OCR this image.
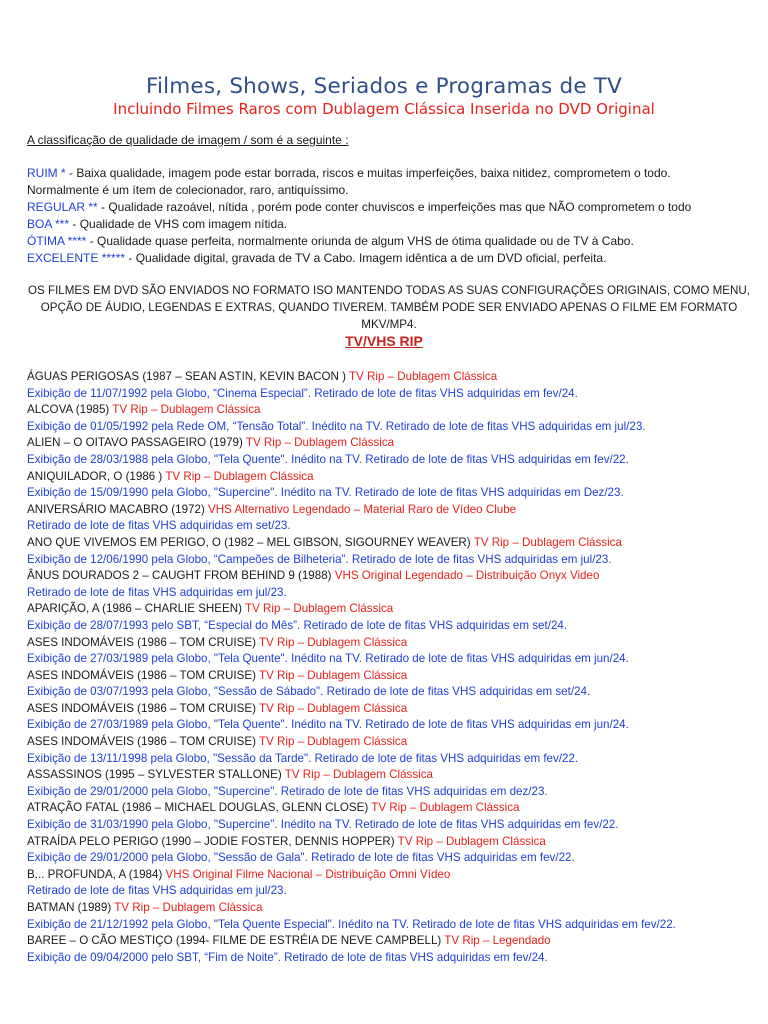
Filmes, Shows, Seriados e Programas de TV
Incluindo Filmes Raros com Dublagem Clássica Inserida no DVD Original
A classificação de qualidade de imagem / som é a seguinte :
RUIM * - Baixa qualidade, imagem pode estar borrada, riscos e muitas imperfeições, baixa nitidez, comprometem o todo.
Normalmente é um ítem de colecionador, raro, antiquíssimo.
REGULAR ** - Qualidade razoável, nítida , porém pode conter chuviscos e imperfeições mas que NÃO comprometem o todo
BOA *** - Qualidade de VHS com imagem nítida.
ÓTIMA **** - Qualidade quase perfeita, normalmente oriunda de algum VHS de ótima qualidade ou de TV à Cabo.
EXCELENTE ***** - Qualidade digital, gravada de TV a Cabo. Imagem idêntica a de um DVD oficial, perfeita.
OS FILMES EM DVD SÃO ENVIADOS NO FORMATO ISO MANTENDO TODAS AS SUAS CONFIGURAÇÕES ORIGINAIS, COMO MENU,
OPÇÃO DE ÁUDIO, LEGENDAS E EXTRAS, QUANDO TIVEREM. TAMBÉM PODE SER ENVIADO APENAS O FILME EM FORMATO MKV/MP4.
TV/VHS RIP
ÁGUAS PERIGOSAS (1987 – SEAN ASTIN, KEVIN BACON ) TV Rip – Dublagem Clássica
Exibição de 11/07/1992 pela Globo, “Cinema Especial”. Retirado de lote de fitas VHS adquiridas em fev/24.
ALCOVA (1985) TV Rip – Dublagem Clássica
Exibição de 01/05/1992 pela Rede OM, “Tensão Total”. Inédito na TV. Retirado de lote de fitas VHS adquiridas em jul/23.
ALIEN – O OITAVO PASSAGEIRO (1979) TV Rip – Dublagem Clássica
Exibição de 28/03/1988 pela Globo, "Tela Quente". Inédito na TV. Retirado de lote de fitas VHS adquiridas em fev/22.
ANIQUILADOR, O (1986 ) TV Rip – Dublagem Clássica
Exibição de 15/09/1990 pela Globo, "Supercine". Inédito na TV. Retirado de lote de fitas VHS adquiridas em Dez/23.
ANIVERSÁRIO MACABRO (1972) VHS Alternativo Legendado – Material Raro de Vídeo Clube
Retirado de lote de fitas VHS adquiridas em set/23.
ANO QUE VIVEMOS EM PERIGO, O (1982 – MEL GIBSON, SIGOURNEY WEAVER) TV Rip – Dublagem Clássica
Exibição de 12/06/1990 pela Globo, “Campeões de Bilheteria”. Retirado de lote de fitas VHS adquiridas em jul/23.
ÂNUS DOURADOS 2 – CAUGHT FROM BEHIND 9 (1988) VHS Original Legendado – Distribuição Onyx Video
Retirado de lote de fitas VHS adquiridas em jul/23.
APARIÇÃO, A (1986 – CHARLIE SHEEN) TV Rip – Dublagem Clássica
Exibição de 28/07/1993 pelo SBT, “Especial do Mês”. Retirado de lote de fitas VHS adquiridas em set/24.
ASES INDOMÁVEIS (1986 – TOM CRUISE) TV Rip – Dublagem Clássica
Exibição de 27/03/1989 pela Globo, "Tela Quente". Inédito na TV. Retirado de lote de fitas VHS adquiridas em jun/24.
ASES INDOMÁVEIS (1986 – TOM CRUISE) TV Rip – Dublagem Clássica
Exibição de 03/07/1993 pela Globo, "Sessão de Sábado". Retirado de lote de fitas VHS adquiridas em set/24.
ASES INDOMÁVEIS (1986 – TOM CRUISE) TV Rip – Dublagem Clássica
Exibição de 27/03/1989 pela Globo, "Tela Quente". Inédito na TV. Retirado de lote de fitas VHS adquiridas em jun/24.
ASES INDOMÁVEIS (1986 – TOM CRUISE) TV Rip – Dublagem Clássica
Exibição de 13/11/1998 pela Globo, "Sessão da Tarde". Retirado de lote de fitas VHS adquiridas em fev/22.
ASSASSINOS (1995 – SYLVESTER STALLONE) TV Rip – Dublagem Clássica
Exibição de 29/01/2000 pela Globo, "Supercine". Retirado de lote de fitas VHS adquiridas em dez/23.
ATRAÇÃO FATAL (1986 – MICHAEL DOUGLAS, GLENN CLOSE) TV Rip – Dublagem Clássica
Exibição de 31/03/1990 pela Globo, "Supercine". Inédito na TV. Retirado de lote de fitas VHS adquiridas em fev/22.
ATRAÍDA PELO PERIGO (1990 – JODIE FOSTER, DENNIS HOPPER) TV Rip – Dublagem Clássica
Exibição de 29/01/2000 pela Globo, "Sessão de Gala". Retirado de lote de fitas VHS adquiridas em fev/22.
B... PROFUNDA, A (1984) VHS Original Filme Nacional – Distribuição Omni Vídeo
Retirado de lote de fitas VHS adquiridas em jul/23.
BATMAN (1989) TV Rip – Dublagem Clássica
Exibição de 21/12/1992 pela Globo, "Tela Quente Especial". Inédito na TV. Retirado de lote de fitas VHS adquiridas em fev/22.
BAREE – O CÃO MESTIÇO (1994- FILME DE ESTRÉIA DE NEVE CAMPBELL) TV Rip – Legendado
Exibição de 09/04/2000 pelo SBT, “Fim de Noite”. Retirado de lote de fitas VHS adquiridas em fev/24.
